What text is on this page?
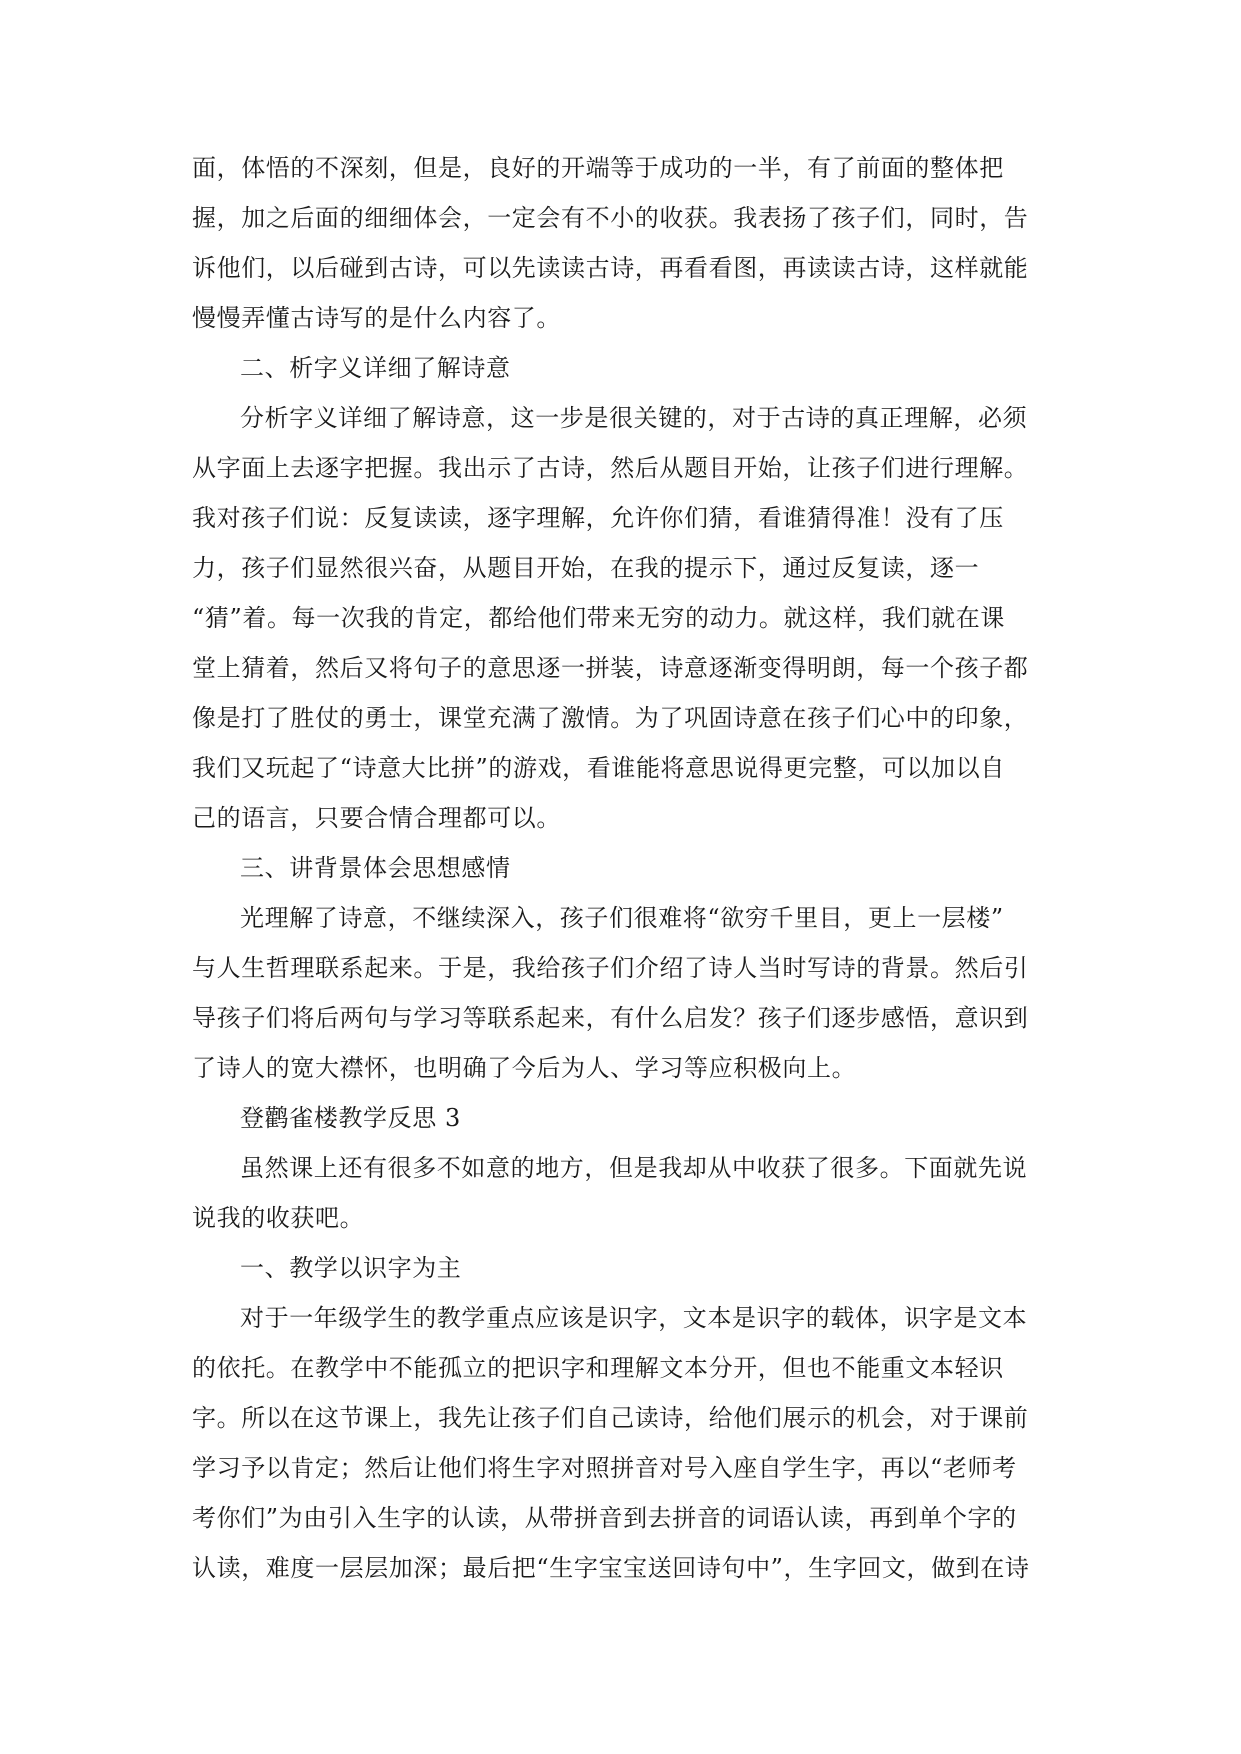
面，体悟的不深刻，但是，良好的开端等于成功的一半，有了前面的整体把
握，加之后面的细细体会，一定会有不小的收获。我表扬了孩子们，同时，告
诉他们，以后碰到古诗，可以先读读古诗，再看看图，再读读古诗，这样就能
慢慢弄懂古诗写的是什么内容了。
二、析字义详细了解诗意
分析字义详细了解诗意，这一步是很关键的，对于古诗的真正理解，必须
从字面上去逐字把握。我出示了古诗，然后从题目开始，让孩子们进行理解。
我对孩子们说：反复读读，逐字理解，允许你们猜，看谁猜得准！没有了压
力，孩子们显然很兴奋，从题目开始，在我的提示下，通过反复读，逐一
“猜”着。每一次我的肯定，都给他们带来无穷的动力。就这样，我们就在课
堂上猜着，然后又将句子的意思逐一拼装，诗意逐渐变得明朗，每一个孩子都
像是打了胜仗的勇士，课堂充满了激情。为了巩固诗意在孩子们心中的印象，
我们又玩起了“诗意大比拼”的游戏，看谁能将意思说得更完整，可以加以自
己的语言，只要合情合理都可以。
三、讲背景体会思想感情
光理解了诗意，不继续深入，孩子们很难将“欲穷千里目，更上一层楼”
与人生哲理联系起来。于是，我给孩子们介绍了诗人当时写诗的背景。然后引
导孩子们将后两句与学习等联系起来，有什么启发？孩子们逐步感悟，意识到
了诗人的宽大襟怀，也明确了今后为人、学习等应积极向上。
登鹳雀楼教学反思 3
虽然课上还有很多不如意的地方，但是我却从中收获了很多。下面就先说
说我的收获吧。
一、教学以识字为主
对于一年级学生的教学重点应该是识字，文本是识字的载体，识字是文本
的依托。在教学中不能孤立的把识字和理解文本分开，但也不能重文本轻识
字。所以在这节课上，我先让孩子们自己读诗，给他们展示的机会，对于课前
学习予以肯定；然后让他们将生字对照拼音对号入座自学生字，再以“老师考
考你们”为由引入生字的认读，从带拼音到去拼音的词语认读，再到单个字的
认读，难度一层层加深；最后把“生字宝宝送回诗句中”，生字回文，做到在诗
